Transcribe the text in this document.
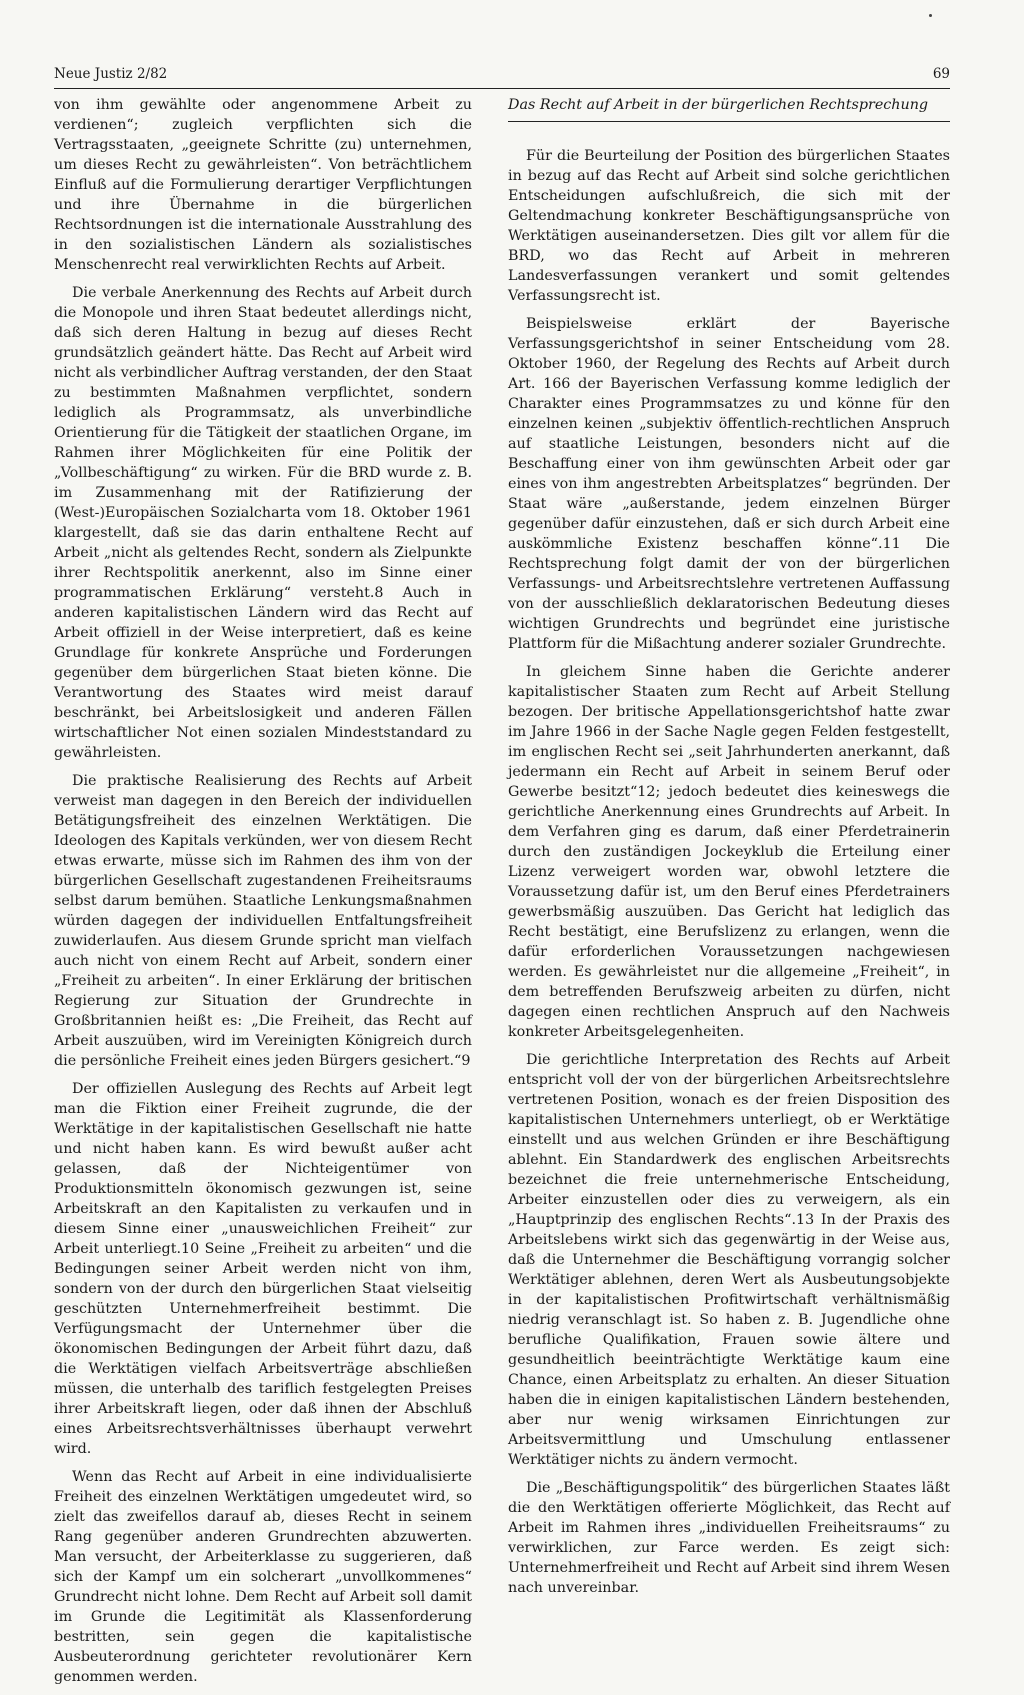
Neue Justiz 2/82	69

von ihm gewählte oder angenommene Arbeit zu verdienen“; zugleich verpflichten sich die Vertragsstaaten, „geeignete Schritte (zu) unternehmen, um dieses Recht zu gewährleisten“. Von beträchtlichem Einfluß auf die Formulierung derartiger Verpflichtungen und ihre Übernahme in die bürgerlichen Rechtsordnungen ist die internationale Ausstrahlung des in den sozialistischen Ländern als sozialistisches Menschenrecht real verwirklichten Rechts auf Arbeit.

Die verbale Anerkennung des Rechts auf Arbeit durch die Monopole und ihren Staat bedeutet allerdings nicht, daß sich deren Haltung in bezug auf dieses Recht grundsätzlich geändert hätte. Das Recht auf Arbeit wird nicht als verbindlicher Auftrag verstanden, der den Staat zu bestimmten Maßnahmen verpflichtet, sondern lediglich als Programmsatz, als unverbindliche Orientierung für die Tätigkeit der staatlichen Organe, im Rahmen ihrer Möglichkeiten für eine Politik der „Vollbeschäftigung“ zu wirken. Für die BRD wurde z. B. im Zusammenhang mit der Ratifizierung der (West-)Europäischen Sozialcharta vom 18. Oktober 1961 klargestellt, daß sie das darin enthaltene Recht auf Arbeit „nicht als geltendes Recht, sondern als Zielpunkte ihrer Rechtspolitik anerkennt, also im Sinne einer programmatischen Erklärung“ versteht.8 Auch in anderen kapitalistischen Ländern wird das Recht auf Arbeit offiziell in der Weise interpretiert, daß es keine Grundlage für konkrete Ansprüche und Forderungen gegenüber dem bürgerlichen Staat bieten könne. Die Verantwortung des Staates wird meist darauf beschränkt, bei Arbeitslosigkeit und anderen Fällen wirtschaftlicher Not einen sozialen Mindeststandard zu gewährleisten.

Die praktische Realisierung des Rechts auf Arbeit verweist man dagegen in den Bereich der individuellen Betätigungsfreiheit des einzelnen Werktätigen. Die Ideologen des Kapitals verkünden, wer von diesem Recht etwas erwarte, müsse sich im Rahmen des ihm von der bürgerlichen Gesellschaft zugestandenen Freiheitsraums selbst darum bemühen. Staatliche Lenkungsmaßnahmen würden dagegen der individuellen Entfaltungsfreiheit zuwiderlaufen. Aus diesem Grunde spricht man vielfach auch nicht von einem Recht auf Arbeit, sondern einer „Freiheit zu arbeiten“. In einer Erklärung der britischen Regierung zur Situation der Grundrechte in Großbritannien heißt es: „Die Freiheit, das Recht auf Arbeit auszuüben, wird im Vereinigten Königreich durch die persönliche Freiheit eines jeden Bürgers gesichert.“9

Der offiziellen Auslegung des Rechts auf Arbeit legt man die Fiktion einer Freiheit zugrunde, die der Werktätige in der kapitalistischen Gesellschaft nie hatte und nicht haben kann. Es wird bewußt außer acht gelassen, daß der Nichteigentümer von Produktionsmitteln ökonomisch gezwungen ist, seine Arbeitskraft an den Kapitalisten zu verkaufen und in diesem Sinne einer „unausweichlichen Freiheit“ zur Arbeit unterliegt.10 Seine „Freiheit zu arbeiten“ und die Bedingungen seiner Arbeit werden nicht von ihm, sondern von der durch den bürgerlichen Staat vielseitig geschützten Unternehmerfreiheit bestimmt. Die Verfügungsmacht der Unternehmer über die ökonomischen Bedingungen der Arbeit führt dazu, daß die Werktätigen vielfach Arbeitsverträge abschließen müssen, die unterhalb des tariflich festgelegten Preises ihrer Arbeitskraft liegen, oder daß ihnen der Abschluß eines Arbeitsrechtsverhältnisses überhaupt verwehrt wird.

Wenn das Recht auf Arbeit in eine individualisierte Freiheit des einzelnen Werktätigen umgedeutet wird, so zielt das zweifellos darauf ab, dieses Recht in seinem Rang gegenüber anderen Grundrechten abzuwerten. Man versucht, der Arbeiterklasse zu suggerieren, daß sich der Kampf um ein solcherart „unvollkommenes“ Grundrecht nicht lohne. Dem Recht auf Arbeit soll damit im Grunde die Legitimität als Klassenforderung bestritten, sein gegen die kapitalistische Ausbeuterordnung gerichteter revolutionärer Kern genommen werden.

Das Recht auf Arbeit in der bürgerlichen Rechtsprechung

Für die Beurteilung der Position des bürgerlichen Staates in bezug auf das Recht auf Arbeit sind solche gerichtlichen Entscheidungen aufschlußreich, die sich mit der Geltendmachung konkreter Beschäftigungsansprüche von Werktätigen auseinandersetzen. Dies gilt vor allem für die BRD, wo das Recht auf Arbeit in mehreren Landesverfassungen verankert und somit geltendes Verfassungsrecht ist.

Beispielsweise erklärt der Bayerische Verfassungsgerichtshof in seiner Entscheidung vom 28. Oktober 1960, der Regelung des Rechts auf Arbeit durch Art. 166 der Bayerischen Verfassung komme lediglich der Charakter eines Programmsatzes zu und könne für den einzelnen keinen „subjektiv öffentlich-rechtlichen Anspruch auf staatliche Leistungen, besonders nicht auf die Beschaffung einer von ihm gewünschten Arbeit oder gar eines von ihm angestrebten Arbeitsplatzes“ begründen. Der Staat wäre „außerstande, jedem einzelnen Bürger gegenüber dafür einzustehen, daß er sich durch Arbeit eine auskömmliche Existenz beschaffen könne“.11 Die Rechtsprechung folgt damit der von der bürgerlichen Verfassungs- und Arbeitsrechtslehre vertretenen Auffassung von der ausschließlich deklaratorischen Bedeutung dieses wichtigen Grundrechts und begründet eine juristische Plattform für die Mißachtung anderer sozialer Grundrechte.

In gleichem Sinne haben die Gerichte anderer kapitalistischer Staaten zum Recht auf Arbeit Stellung bezogen. Der britische Appellationsgerichtshof hatte zwar im Jahre 1966 in der Sache Nagle gegen Felden festgestellt, im englischen Recht sei „seit Jahrhunderten anerkannt, daß jedermann ein Recht auf Arbeit in seinem Beruf oder Gewerbe besitzt“12; jedoch bedeutet dies keineswegs die gerichtliche Anerkennung eines Grundrechts auf Arbeit. In dem Verfahren ging es darum, daß einer Pferdetrainerin durch den zuständigen Jockeyklub die Erteilung einer Lizenz verweigert worden war, obwohl letztere die Voraussetzung dafür ist, um den Beruf eines Pferdetrainers gewerbsmäßig auszuüben. Das Gericht hat lediglich das Recht bestätigt, eine Berufslizenz zu erlangen, wenn die dafür erforderlichen Voraussetzungen nachgewiesen werden. Es gewährleistet nur die allgemeine „Freiheit“, in dem betreffenden Berufszweig arbeiten zu dürfen, nicht dagegen einen rechtlichen Anspruch auf den Nachweis konkreter Arbeitsgelegenheiten.

Die gerichtliche Interpretation des Rechts auf Arbeit entspricht voll der von der bürgerlichen Arbeitsrechtslehre vertretenen Position, wonach es der freien Disposition des kapitalistischen Unternehmers unterliegt, ob er Werktätige einstellt und aus welchen Gründen er ihre Beschäftigung ablehnt. Ein Standardwerk des englischen Arbeitsrechts bezeichnet die freie unternehmerische Entscheidung, Arbeiter einzustellen oder dies zu verweigern, als ein „Hauptprinzip des englischen Rechts“.13 In der Praxis des Arbeitslebens wirkt sich das gegenwärtig in der Weise aus, daß die Unternehmer die Beschäftigung vorrangig solcher Werktätiger ablehnen, deren Wert als Ausbeutungsobjekte in der kapitalistischen Profitwirtschaft verhältnismäßig niedrig veranschlagt ist. So haben z. B. Jugendliche ohne berufliche Qualifikation, Frauen sowie ältere und gesundheitlich beeinträchtigte Werktätige kaum eine Chance, einen Arbeitsplatz zu erhalten. An dieser Situation haben die in einigen kapitalistischen Ländern bestehenden, aber nur wenig wirksamen Einrichtungen zur Arbeitsvermittlung und Umschulung entlassener Werktätiger nichts zu ändern vermocht.

Die „Beschäftigungspolitik“ des bürgerlichen Staates läßt die den Werktätigen offerierte Möglichkeit, das Recht auf Arbeit im Rahmen ihres „individuellen Freiheitsraums“ zu verwirklichen, zur Farce werden. Es zeigt sich: Unternehmerfreiheit und Recht auf Arbeit sind ihrem Wesen nach unvereinbar.
